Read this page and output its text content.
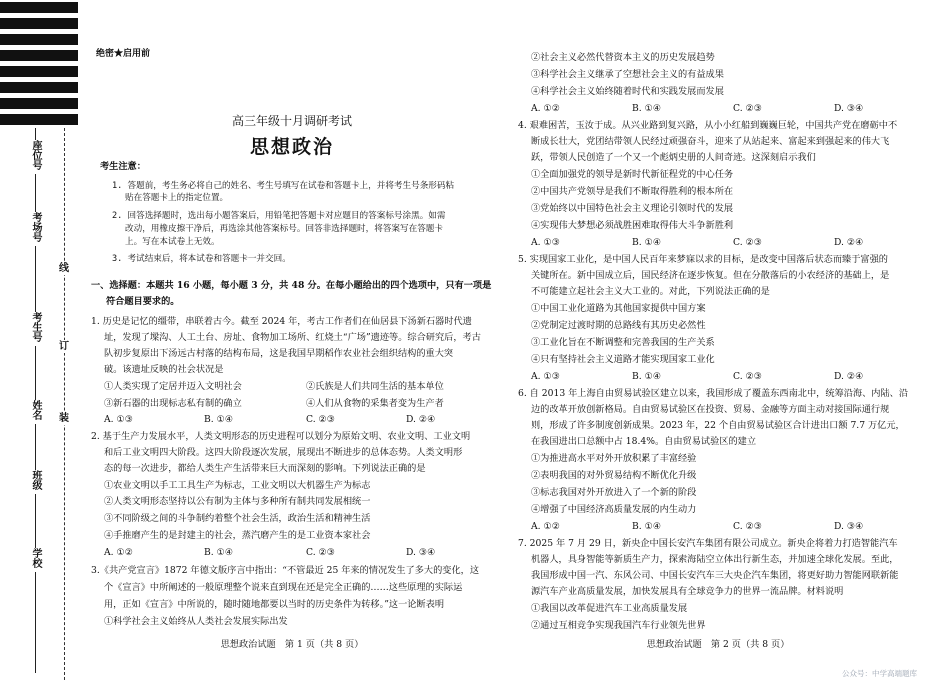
座位号
考场号
考生号
姓名
班级
学校
线
订
装
绝密★启用前
高三年级十月调研考试
思想政治
考生注意：
1. 答题前，考生务必将自己的姓名、考生号填写在试卷和答题卡上，并将考生号条形码粘
贴在答题卡上的指定位置。
2. 回答选择题时，选出每小题答案后，用铅笔把答题卡对应题目的答案标号涂黑。如需
改动，用橡皮擦干净后，再选涂其他答案标号。回答非选择题时，将答案写在答题卡
上。写在本试卷上无效。
3. 考试结束后，将本试卷和答题卡一并交回。
一、选择题：本题共 16 小题，每小题 3 分，共 48 分。在每小题给出的四个选项中，只有一项是
符合题目要求的。
1. 历史是记忆的缰带，串联着古今。截至 2024 年，考古工作者们在仙居县下汤新石器时代遗
址，发现了墚沟、人工土台、房址、食物加工场所、红烧土“广场”遗迹等。综合研究后，考古
队初步复原出下汤远古村落的结构布局，这是我国早期稻作农业社会组织结构的重大突
破。该遗址反映的社会状况是
①人类实现了定居并迈入文明社会	②氏族是人们共同生活的基本单位
③新石器的出现标志私有制的确立	④人们从食物的采集者变为生产者
A. ①③	B. ①④	C. ②③	D. ②④
2. 基于生产力发展水平，人类文明形态的历史进程可以划分为原始文明、农业文明、工业文明
和后工业文明四大阶段。这四大阶段逐次发展，展现出不断进步的总体态势。人类文明形
态的每一次进步，都给人类生产生活带来巨大而深刻的影响。下列说法正确的是
①农业文明以手工工具生产为标志，工业文明以大机器生产为标志
②人类文明形态坚持以公有制为主体与多种所有制共同发展相统一
③不同阶级之间的斗争制约着整个社会生活，政治生活和精神生活
④手推磨产生的是封建主的社会，蒸汽磨产生的是工业资本家社会
A. ①②	B. ①④	C. ②③	D. ③④
3.《共产党宣言》1872 年德文版序言中指出：“不管最近 25 年来的情况发生了多大的变化，这
个《宣言》中所阐述的一般原理整个说来直到现在还是完全正确的……这些原理的实际运
用，正如《宣言》中所说的，随时随地都要以当时的历史条件为转移。”这一论断表明
①科学社会主义始终从人类社会发展实际出发
思想政治试题　第 1 页（共 8 页）
②社会主义必然代替资本主义的历史发展趋势
③科学社会主义继承了空想社会主义的有益成果
④科学社会主义始终随着时代和实践发展而发展
A. ①②	B. ①④	C. ②③	D. ③④
4. 艰难困苦，玉汝于成。从兴业路到复兴路，从小小红船到巍巍巨轮，中国共产党在磨砺中不
断成长壮大，党团结带领人民经过顽强奋斗，迎来了从站起来、富起来到强起来的伟大飞
跃，带领人民创造了一个又一个彪炳史册的人间奇迹。这深刻启示我们
①全面加强党的领导是新时代新征程党的中心任务
②中国共产党领导是我们不断取得胜利的根本所在
③党始终以中国特色社会主义理论引领时代的发展
④实现伟大梦想必须战胜困难取得伟大斗争新胜利
A. ①③	B. ①④	C. ②③	D. ②④
5. 实现国家工业化，是中国人民百年来梦寐以求的目标，是改变中国落后状态而臻于富强的
关键所在。新中国成立后，国民经济在逐步恢复。但在分散落后的小农经济的基础上，是
不可能建立起社会主义大工业的。对此，下列说法正确的是
①中国工业化道路为其他国家提供中国方案
②党制定过渡时期的总路线有其历史必然性
③工业化旨在不断调整和完善我国的生产关系
④只有坚持社会主义道路才能实现国家工业化
A. ①③	B. ①④	C. ②③	D. ②④
6. 自 2013 年上海自由贸易试验区建立以来，我国形成了覆盖东西南北中，统筹沿海、内陆、沿
边的改革开放创新格局。自由贸易试验区在投资、贸易、金融等方面主动对接国际通行规
则，形成了许多制度创新成果。2023 年，22 个自由贸易试验区合计进出口额 7.7 万亿元，
在我国进出口总额中占 18.4%。自由贸易试验区的建立
①为推进高水平对外开放积累了丰富经验
②表明我国的对外贸易结构不断优化升级
③标志我国对外开放进入了一个新的阶段
④增强了中国经济高质量发展的内生动力
A. ①②	B. ①④	C. ②③	D. ③④
7. 2025 年 7 月 29 日，新央企中国长安汽车集团有限公司成立。新央企将着力打造智能汽车
机器人，具身智能等新质生产力，探索海陆空立体出行新生态，并加速全球化发展。至此，
我国形成中国一汽、东风公司、中国长安汽车三大央企汽车集团，将更好助力智能网联新能
源汽车产业高质量发展，加快发展具有全球竞争力的世界一流品牌。材料说明
①我国以改革促进汽车工业高质量发展
②通过互相竞争实现我国汽车行业领先世界
思想政治试题　第 2 页（共 8 页）
公众号：中学高端题库
